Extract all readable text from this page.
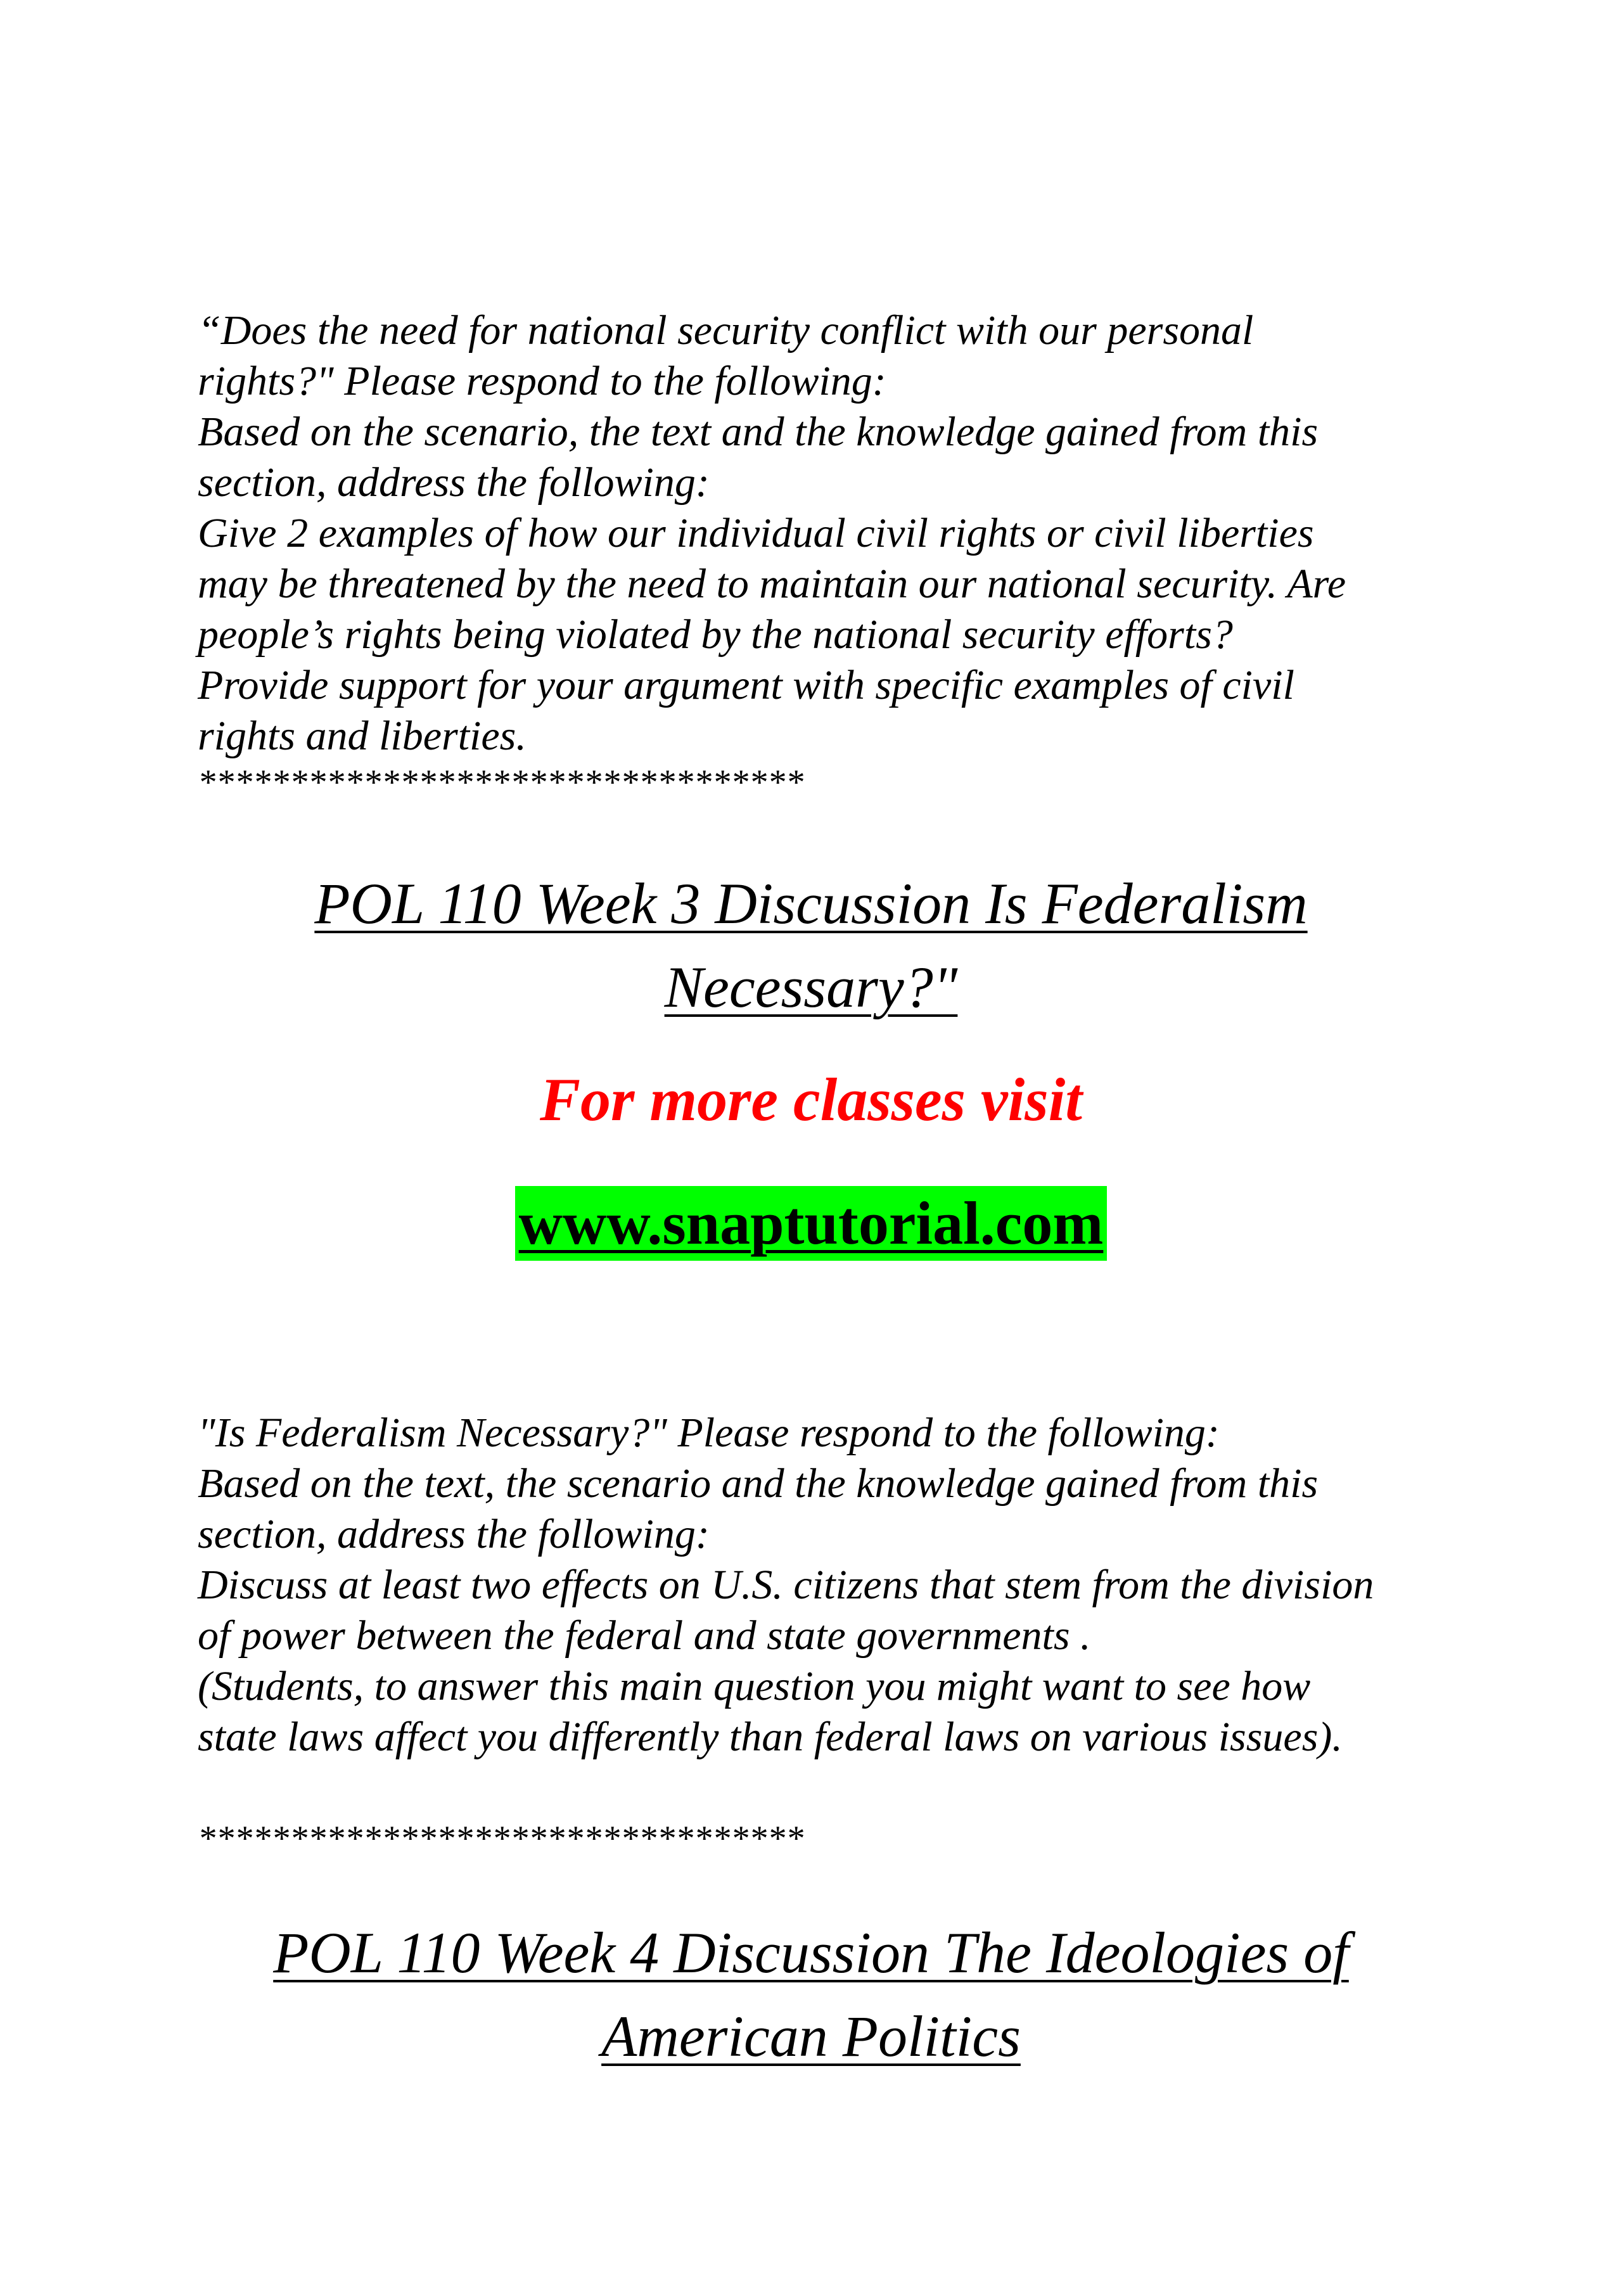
“Does the need for national security conflict with our personal
rights?" Please respond to the following:
Based on the scenario, the text and the knowledge gained from this
section, address the following:
Give 2 examples of how our individual civil rights or civil liberties
may be threatened by the need to maintain our national security. Are
people’s rights being violated by the national security efforts?
Provide support for your argument with specific examples of civil
rights and liberties.
*********************************
POL 110 Week 3 Discussion Is Federalism
Necessary?"
For more classes visit
www.snaptutorial.com
"Is Federalism Necessary?" Please respond to the following:
Based on the text, the scenario and the knowledge gained from this
section, address the following:
Discuss at least two effects on U.S. citizens that stem from the division
of power between the federal and state governments .
(Students, to answer this main question you might want to see how
state laws affect you differently than federal laws on various issues).
*********************************
POL 110 Week 4 Discussion The Ideologies of
American Politics
